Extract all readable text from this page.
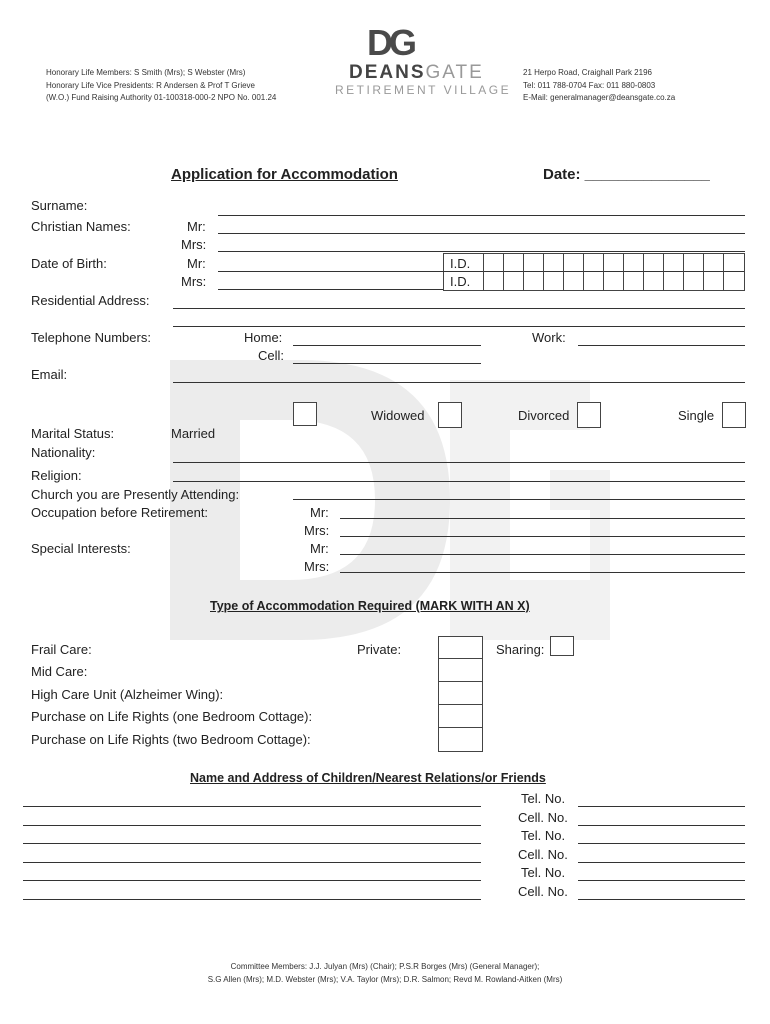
Honorary Life Members: S Smith (Mrs); S Webster (Mrs)
Honorary Life Vice Presidents: R Andersen & Prof T Grieve
(W.O.) Fund Raising Authority 01-100318-000-2 NPO No. 001.24
DG
DEANSGATE
RETIREMENT VILLAGE
21 Herpo Road, Craighall Park 2196
Tel: 011 788-0704 Fax: 011 880-0803
E-Mail: generalmanager@deansgate.co.za
Application for Accommodation	Date: _______________
Surname:
Christian Names:	Mr:
Mrs:
Date of Birth:	Mr:
Mrs:
I.D.
I.D.
Residential Address:
Telephone Numbers:	Home:	Work:
Cell:
Email:
Widowed	Divorced	Single
Marital Status:	Married
Nationality:
Religion:
Church you are Presently Attending:
Occupation before Retirement:	Mr:
Mrs:
Special Interests:	Mr:
Mrs:
Type of Accommodation Required (MARK WITH AN X)
Frail Care:	Private:	Sharing:
Mid Care:
High Care Unit (Alzheimer Wing):
Purchase on Life Rights (one Bedroom Cottage):
Purchase on Life Rights (two Bedroom Cottage):
Name and Address of Children/Nearest Relations/or Friends
Tel. No.
Cell. No.
Tel. No.
Cell. No.
Tel. No.
Cell. No.
Committee Members: J.J. Julyan (Mrs) (Chair); P.S.R Borges (Mrs) (General Manager);
S.G Allen (Mrs); M.D. Webster (Mrs); V.A. Taylor (Mrs); D.R. Salmon; Revd M. Rowland-Aitken (Mrs)
